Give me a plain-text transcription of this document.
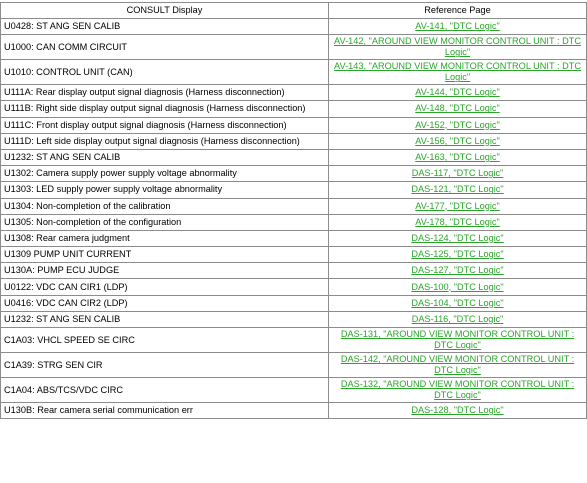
CONSULT Display	Reference Page
U0428: ST ANG SEN CALIB	AV-141, "DTC Logic"
U1000: CAN COMM CIRCUIT	AV-142, "AROUND VIEW MONITOR CONTROL UNIT : DTC Logic"
U1010: CONTROL UNIT (CAN)	AV-143, "AROUND VIEW MONITOR CONTROL UNIT : DTC Logic"
U111A: Rear display output signal diagnosis (Harness disconnection)	AV-144, "DTC Logic"
U111B: Right side display output signal diagnosis (Harness disconnection)	AV-148, "DTC Logic"
U111C: Front display output signal diagnosis (Harness disconnection)	AV-152, "DTC Logic"
U111D: Left side display output signal diagnosis (Harness disconnection)	AV-156, "DTC Logic"
U1232: ST ANG SEN CALIB	AV-163, "DTC Logic"
U1302: Camera supply power supply voltage abnormality	DAS-117, "DTC Logic"
U1303: LED supply power supply voltage abnormality	DAS-121, "DTC Logic"
U1304: Non-completion of the calibration	AV-177, "DTC Logic"
U1305: Non-completion of the configuration	AV-178, "DTC Logic"
U1308: Rear camera judgment	DAS-124, "DTC Logic"
U1309 PUMP UNIT CURRENT	DAS-125, "DTC Logic"
U130A: PUMP ECU JUDGE	DAS-127, "DTC Logic"
U0122: VDC CAN CIR1 (LDP)	DAS-100, "DTC Logic"
U0416: VDC CAN CIR2 (LDP)	DAS-104, "DTC Logic"
U1232: ST ANG SEN CALIB	DAS-116, "DTC Logic"
C1A03: VHCL SPEED SE CIRC	DAS-131, "AROUND VIEW MONITOR CONTROL UNIT : DTC Logic"
C1A39: STRG SEN CIR	DAS-142, "AROUND VIEW MONITOR CONTROL UNIT : DTC Logic"
C1A04: ABS/TCS/VDC CIRC	DAS-132, "AROUND VIEW MONITOR CONTROL UNIT : DTC Logic"
U130B: Rear camera serial communication err	DAS-128, "DTC Logic"
